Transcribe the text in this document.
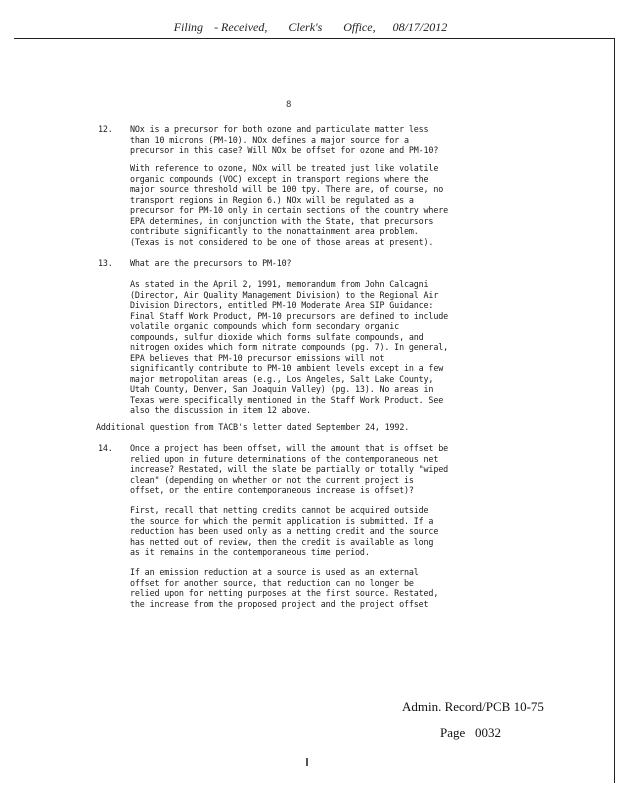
Filing - Received, Clerk's Office, 08/17/2012
8
12. NOx is a precursor for both ozone and particulate matter less
than 10 microns (PM-10). NOx defines a major source for a
precursor in this case? Will NOx be offset for ozone and PM-10?
With reference to ozone, NOx will be treated just like volatile
organic compounds (VOC) except in transport regions where the
major source threshold will be 100 tpy. There are, of course, no
transport regions in Region 6.) NOx will be regulated as a
precursor for PM-10 only in certain sections of the country where
EPA determines, in conjunction with the State, that precursors
contribute significantly to the nonattainment area problem.
(Texas is not considered to be one of those areas at present).
13. What are the precursors to PM-10?
As stated in the April 2, 1991, memorandum from John Calcagni
(Director, Air Quality Management Division) to the Regional Air
Division Directors, entitled PM-10 Moderate Area SIP Guidance:
Final Staff Work Product, PM-10 precursors are defined to include
volatile organic compounds which form secondary organic
compounds, sulfur dioxide which forms sulfate compounds, and
nitrogen oxides which form nitrate compounds (pg. 7). In general,
EPA believes that PM-10 precursor emissions will not
significantly contribute to PM-10 ambient levels except in a few
major metropolitan areas (e.g., Los Angeles, Salt Lake County,
Utah County, Denver, San Joaquin Valley) (pg. 13). No areas in
Texas were specifically mentioned in the Staff Work Product. See
also the discussion in item 12 above.
Additional question from TACB's letter dated September 24, 1992.
14. Once a project has been offset, will the amount that is offset be
relied upon in future determinations of the contemporaneous net
increase? Restated, will the slate be partially or totally "wiped
clean" (depending on whether or not the current project is
offset, or the entire contemporaneous increase is offset)?
First, recall that netting credits cannot be acquired outside
the source for which the permit application is submitted. If a
reduction has been used only as a netting credit and the source
has netted out of review, then the credit is available as long
as it remains in the contemporaneous time period.
If an emission reduction at a source is used as an external
offset for another source, that reduction can no longer be
relied upon for netting purposes at the first source. Restated,
the increase from the proposed project and the project offset
Admin. Record/PCB 10-75
Page 0032
